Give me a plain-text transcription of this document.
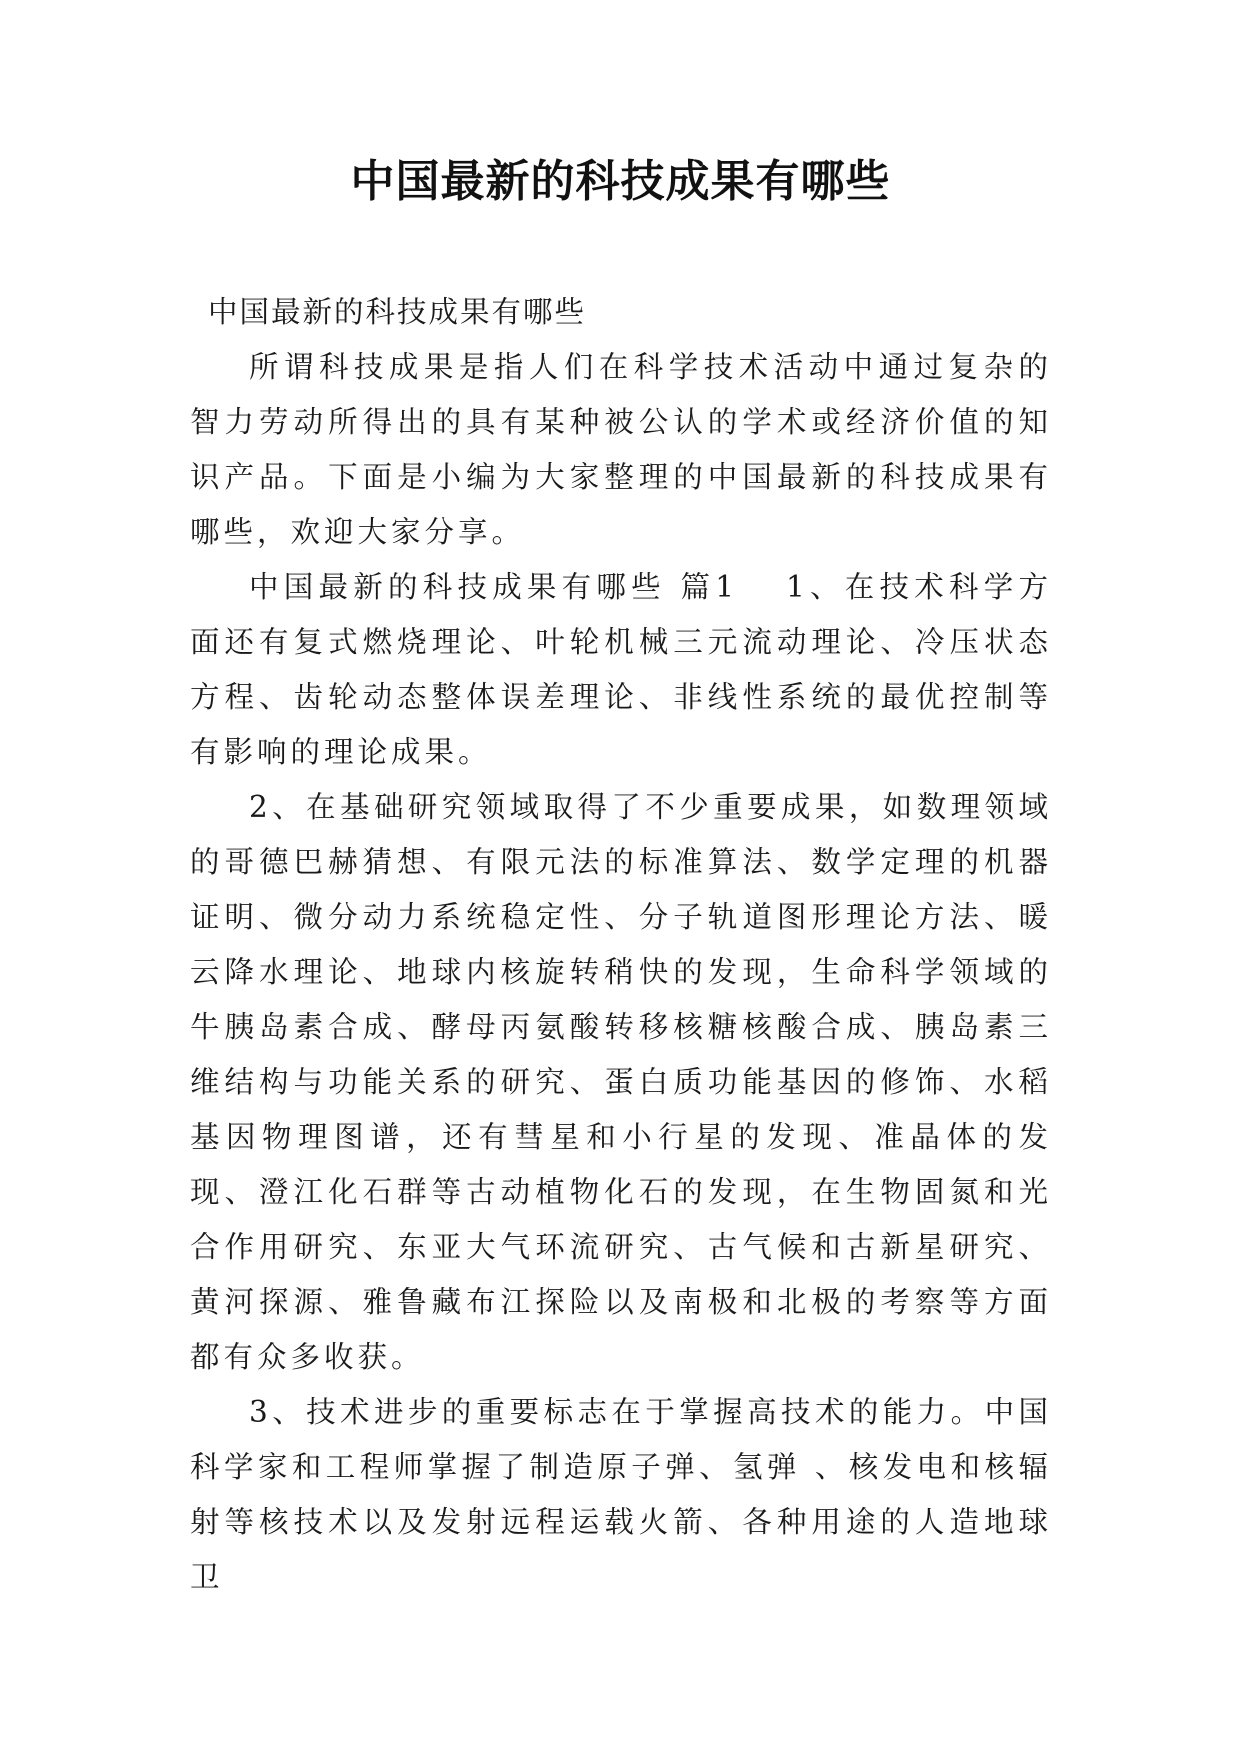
中国最新的科技成果有哪些

中国最新的科技成果有哪些

所谓科技成果是指人们在科学技术活动中通过复杂的智力劳动所得出的具有某种被公认的学术或经济价值的知识产品。下面是小编为大家整理的中国最新的科技成果有哪些，欢迎大家分享。

中国最新的科技成果有哪些 篇1 1、在技术科学方面还有复式燃烧理论、叶轮机械三元流动理论、冷压状态方程、齿轮动态整体误差理论、非线性系统的最优控制等有影响的理论成果。

2、在基础研究领域取得了不少重要成果，如数理领域的哥德巴赫猜想、有限元法的标准算法、数学定理的机器证明、微分动力系统稳定性、分子轨道图形理论方法、暖云降水理论、地球内核旋转稍快的发现，生命科学领域的牛胰岛素合成、酵母丙氨酸转移核糖核酸合成、胰岛素三维结构与功能关系的研究、蛋白质功能基因的修饰、水稻基因物理图谱，还有彗星和小行星的发现、准晶体的发现、澄江化石群等古动植物化石的发现，在生物固氮和光合作用研究、东亚大气环流研究、古气候和古新星研究、黄河探源、雅鲁藏布江探险以及南极和北极的考察等方面都有众多收获。

3、技术进步的重要标志在于掌握高技术的能力。中国科学家和工程师掌握了制造原子弹、氢弹 、核发电和核辐射等核技术以及发射远程运载火箭、各种用途的人造地球卫
